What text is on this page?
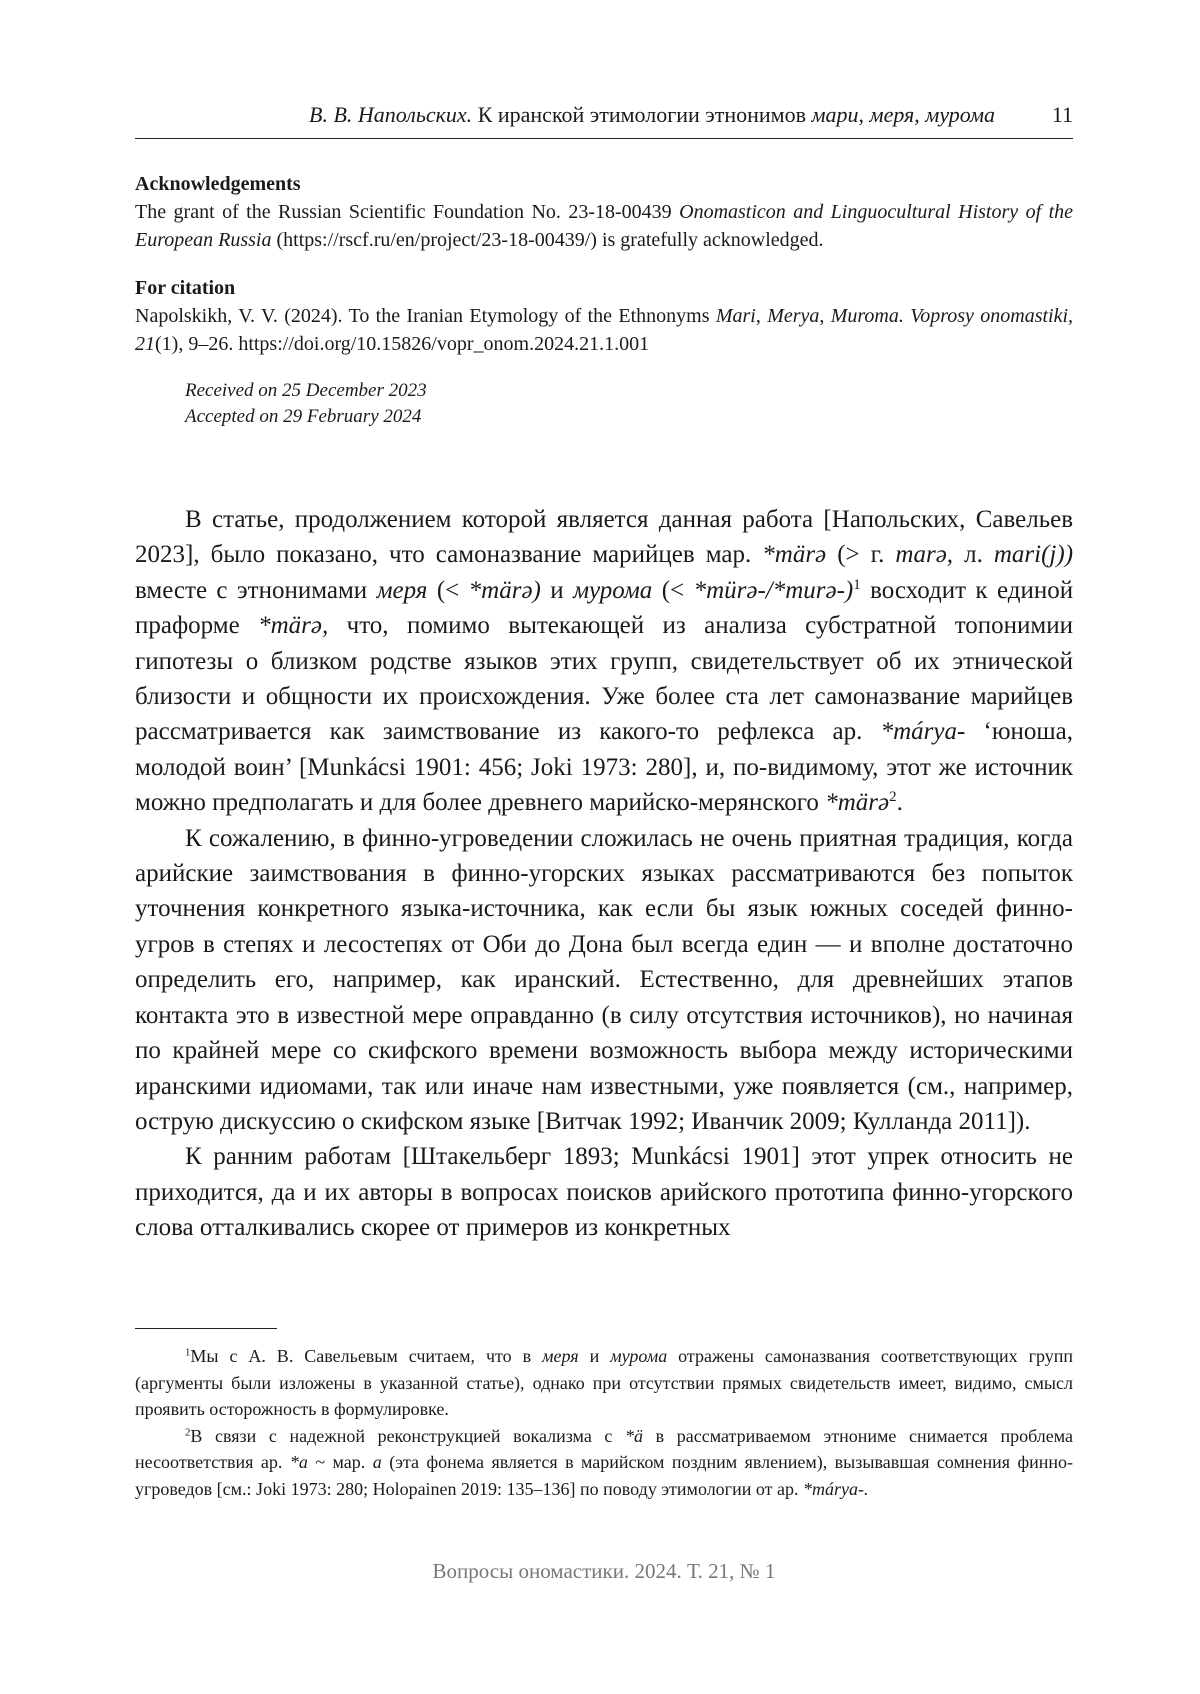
В. В. Напольских. К иранской этимологии этнонимов мари, меря, мурома	11
Acknowledgements
The grant of the Russian Scientific Foundation No. 23-18-00439 Onomasticon and Linguocultural History of the European Russia (https://rscf.ru/en/project/23-18-00439/) is gratefully acknowledged.
For citation
Napolskikh, V. V. (2024). To the Iranian Etymology of the Ethnonyms Mari, Merya, Muroma. Voprosy onomastiki, 21(1), 9–26. https://doi.org/10.15826/vopr_onom.2024.21.1.001
Received on 25 December 2023
Accepted on 29 February 2024

В статье, продолжением которой является данная работа [Напольских, Савельев 2023], было показано, что самоназвание марийцев мар. *märə (> г. marə, л. mari(j)) вместе с этнонимами меря (< *märə) и мурома (< *mürə-/*murə-)$^1$ восходит к единой праформе *märə, что, помимо вытекающей из анализа субстратной топонимии гипотезы о близком родстве языков этих групп, свидетельствует об их этнической близости и общности их происхождения. Уже более ста лет самоназвание марийцев рассматривается как заимствование из какого-то рефлекса ар. *márya- ‘юноша, молодой воин’ [Munkácsi 1901: 456; Joki 1973: 280], и, по-видимому, этот же источник можно предполагать и для более древнего марийско-мерянского *märə$^2$.

К сожалению, в финно-угроведении сложилась не очень приятная традиция, когда арийские заимствования в финно-угорских языках рассматриваются без попыток уточнения конкретного языка-источника, как если бы язык южных соседей финно-угров в степях и лесостепях от Оби до Дона был всегда един — и вполне достаточно определить его, например, как иранский. Естественно, для древнейших этапов контакта это в известной мере оправданно (в силу отсутствия источников), но начиная по крайней мере со скифского времени возможность выбора между историческими иранскими идиомами, так или иначе нам известными, уже появляется (см., например, острую дискуссию о скифском языке [Витчак 1992; Иванчик 2009; Кулланда 2011]).

К ранним работам [Штакельберг 1893; Munkácsi 1901] этот упрек относить не приходится, да и их авторы в вопросах поисков арийского прототипа финно-угорского слова отталкивались скорее от примеров из конкретных

$^1$Мы с А. В. Савельевым считаем, что в меря и мурома отражены самоназвания соответствующих групп (аргументы были изложены в указанной статье), однако при отсутствии прямых свидетельств имеет, видимо, смысл проявить осторожность в формулировке.

$^2$В связи с надежной реконструкцией вокализма с *ä в рассматриваемом этнониме снимается проблема несоответствия ар. *a ~ мар. a (эта фонема является в марийском поздним явлением), вызывавшая сомнения финно-угроведов [см.: Joki 1973: 280; Holopainen 2019: 135–136] по поводу этимологии от ар. *márya-.

Вопросы ономастики. 2024. Т. 21, № 1
